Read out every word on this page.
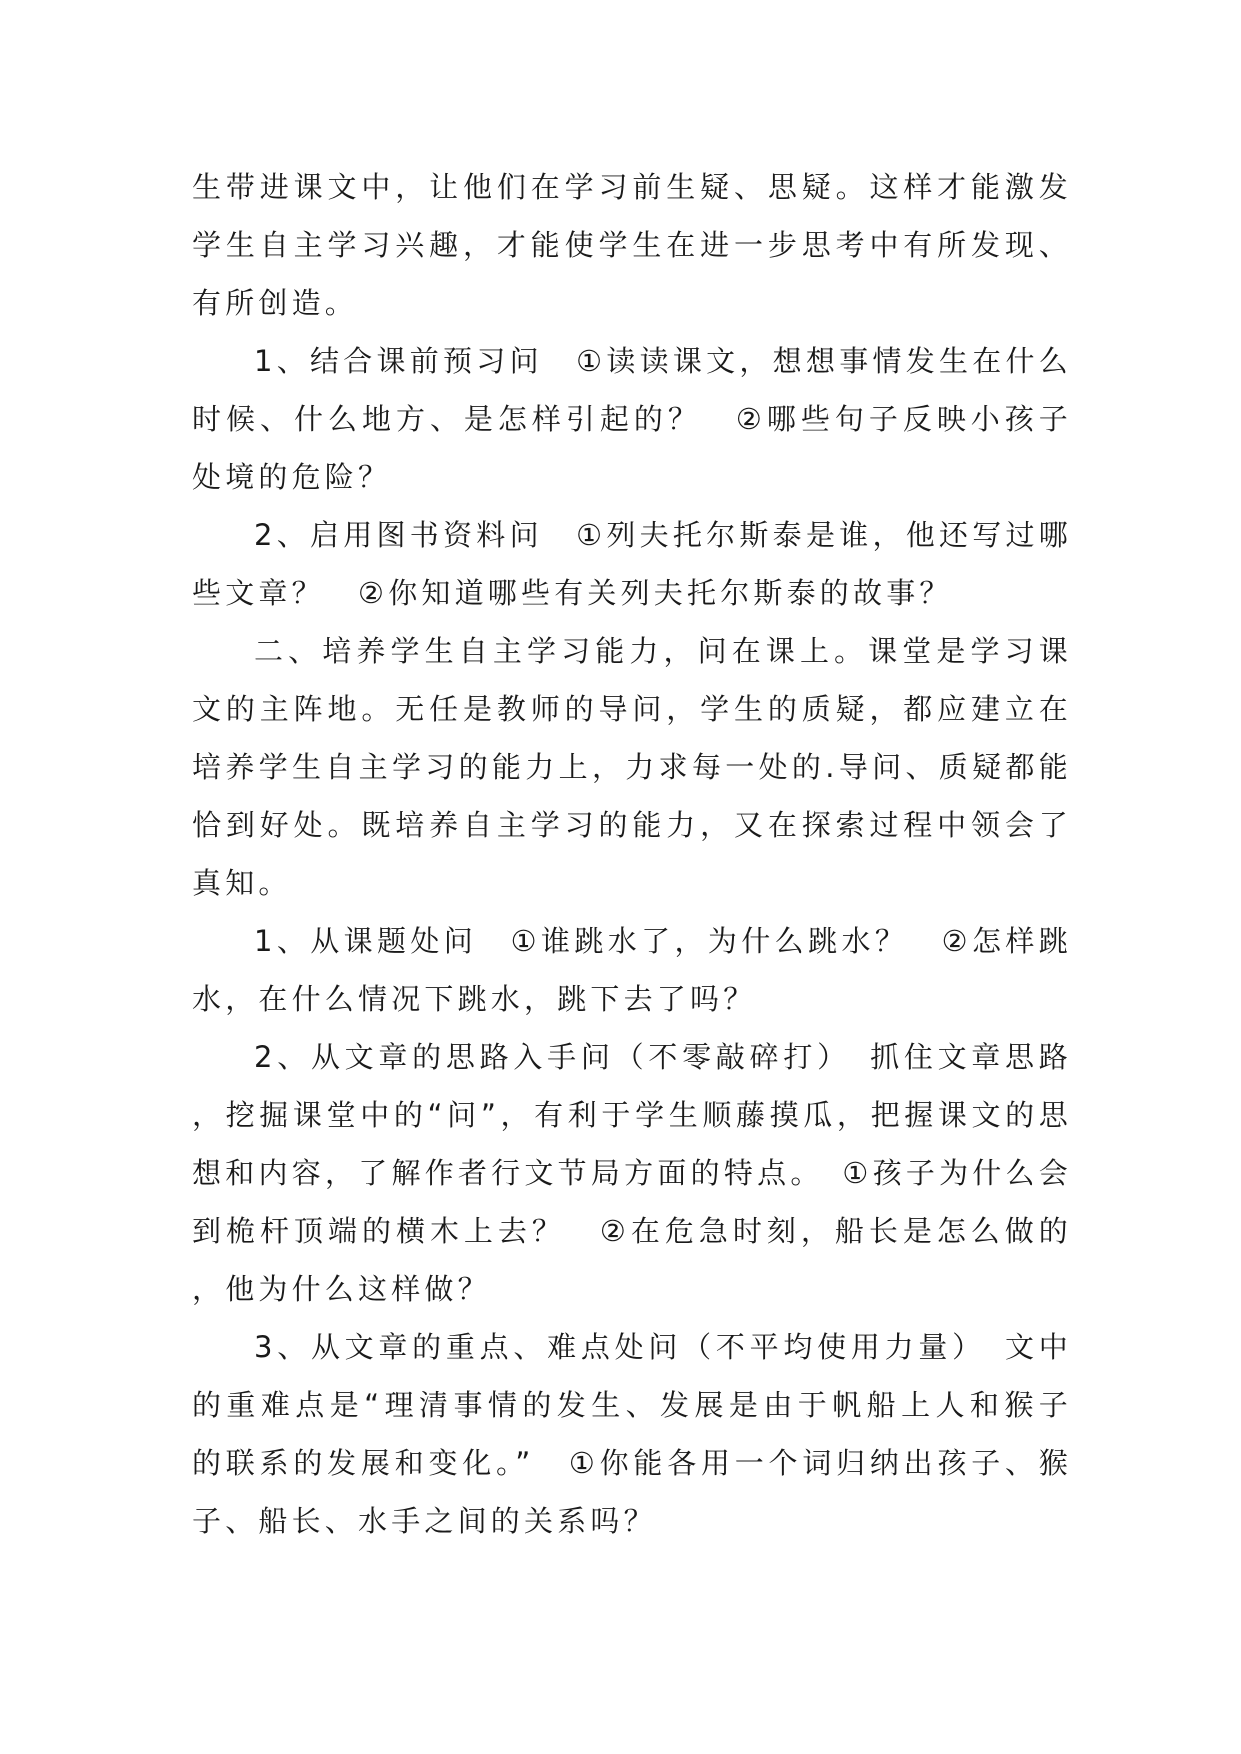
生带进课文中，让他们在学习前生疑、思疑。这样才能激发学生自主学习兴趣，才能使学生在进一步思考中有所发现、有所创造。

1、结合课前预习问　①读读课文，想想事情发生在什么时候、什么地方、是怎样引起的？　②哪些句子反映小孩子处境的危险？

2、启用图书资料问　①列夫托尔斯泰是谁，他还写过哪些文章？　②你知道哪些有关列夫托尔斯泰的故事？

二、培养学生自主学习能力，问在课上。课堂是学习课文的主阵地。无任是教师的导问，学生的质疑，都应建立在培养学生自主学习的能力上，力求每一处的.导问、质疑都能恰到好处。既培养自主学习的能力，又在探索过程中领会了真知。

1、从课题处问　①谁跳水了，为什么跳水？　②怎样跳水，在什么情况下跳水，跳下去了吗？

2、从文章的思路入手问（不零敲碎打）　抓住文章思路，挖掘课堂中的“问”，有利于学生顺藤摸瓜，把握课文的思想和内容，了解作者行文节局方面的特点。　①孩子为什么会到桅杆顶端的横木上去？　②在危急时刻，船长是怎么做的，他为什么这样做？

3、从文章的重点、难点处问（不平均使用力量）　文中的重难点是“理清事情的发生、发展是由于帆船上人和猴子的联系的发展和变化。”　①你能各用一个词归纳出孩子、猴子、船长、水手之间的关系吗？
